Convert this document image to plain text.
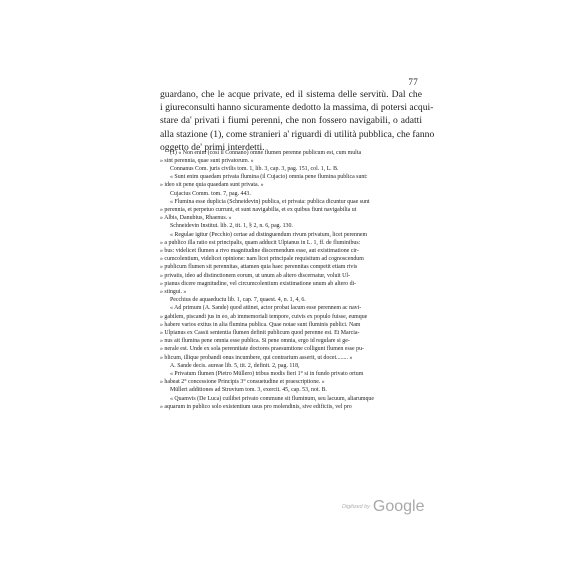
77
guardano, che le acque private, ed il sistema delle servitù. Dal che
i giureconsulti hanno sicuramente dedotto la massima, di potersi acqui-
stare da' privati i fiumi perenni, che non fossero navigabili, o adatti
alla stazione (1), come stranieri a' riguardi di utilità pubblica, che fanno
oggetto de' primi interdetti.
(1) « Non enim (così il Connano) omne flumen perenne publicum est, cum multa
» sint perennia, quae sunt privatorum. »
Connanus Com. juris civilis tom. 1, lib. 3, cap. 3, pag. 151, col. 1, L. B.
« Sunt enim quaedam privata flumina (il Cujacio) omnia pene flumina publica sunt:
» ideo sit pene quia quaedam sunt privata. »
Cujacius Comm. tom. 7, pag. 443.
« Flumina esse duplicia (Schneidevin) publica, et privata: publica dicuntur quae sunt
» perennia, et perpetuo currunt, et sunt navigabilia, et ex quibus fiunt navigabilia ut
» Albis, Danubius, Rhaenus. »
Schneidevin Institut. lib. 2, tit. 1, § 2, n. 6, pag. 130.
« Regulae igitur (Pecchio) certae ad distinguendum rivum privatum, licet perennem
» a publico illa ratio est principalis, quam adducit Ulpianus in L. 1, ff. de fluminibus:
» bus: videlicet flumen a rivo magnitudine discernendum esse, aut existimatione cir-
» cumcolentium, videlicet opinione: nam licet principale requisitum ad cognoscendum
» publicum flumen sit perennitas, attamen quia haec perennitas competit etiam rivis
» privatis, ideo ad distinctionem eorum, ut unum ab altero discernatur, voluit Ul-
» pianus dicere magnitudine, vel circumcolentium existimatione unum ab altero di-
» stingui. »
Pecchius de aquaeductu lib. 1, cap. 7, quaest. 4, n. 1, 4, 6.
« Ad primum (A. Sande) quod attinet, actor probat lacum esse perennem ac navi-
» gabilem, piscandi jus in eo, ab immemoriali tempore, cuivis ex populo fuisse, eumque
» habere varios exitus in alia flumina publica. Quae notae sunt fluminis publici. Nam
» Ulpianus ex Cassii sententia flumen definit publicum quod perenne est. Et Marcia-
» nus ait flumina pene omnia esse publica. Si pene omnia, ergo id regulare si ge-
» nerale est. Unde ex sola perennitate doctores praesumtione colligunt flumen esse pu-
» blicum, illique probandi onus incumbere, qui contrarium asserit, ut docet........ »
A. Sande decis. aureae lib. 5, tit. 2, definit. 2, pag. 118,
« Privatum flumen (Pietro Müllero) tribus modis fieri 1° si in fundo privato ortum
» habeat 2° concessione Principis 3° consuetudine et praescriptione. »
Mülleri additiones ad Struvium tom. 3, exercit. 45, cap. 53, not. B.
« Quamvis (De Luca) cuilibet privato commune sit fluminum, seu lacuum, aliarumque
» aquarum in publico solo existentium usus pro molendinis, sive edificiis, vel pro
Digitized by Google
